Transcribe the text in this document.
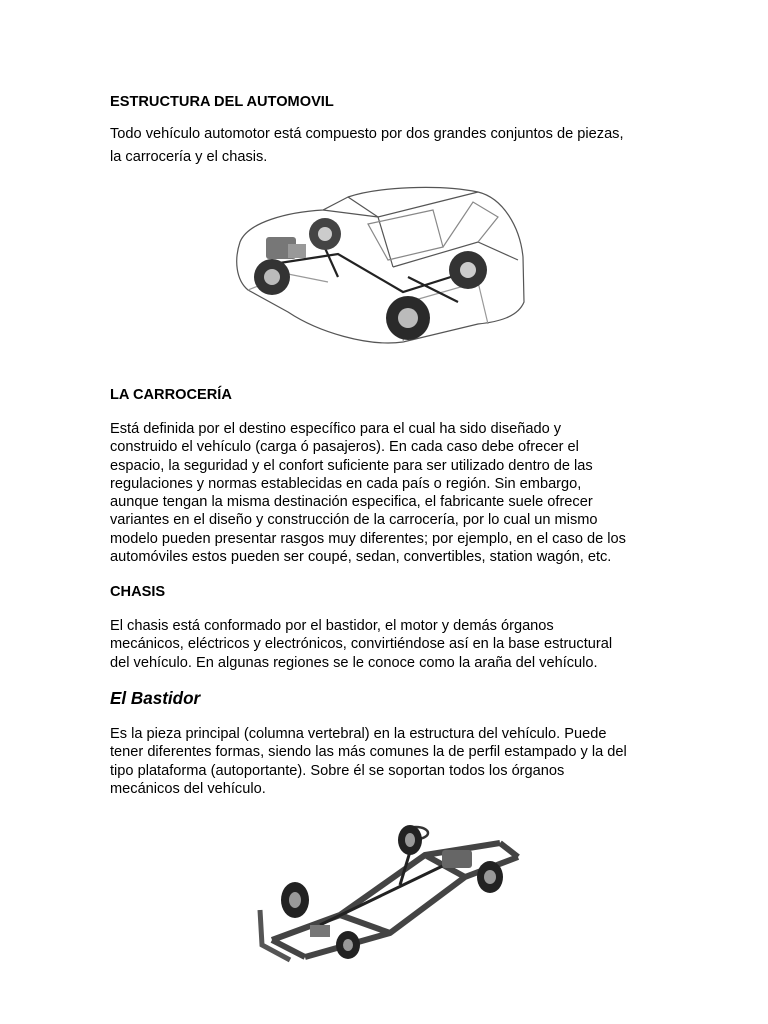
ESTRUCTURA DEL AUTOMOVIL

Todo vehículo automotor está compuesto por dos grandes conjuntos de piezas,
la carrocería y el chasis.

LA CARROCERÍA

Está definida por el destino específico para el cual ha sido diseñado y
construido el vehículo (carga ó pasajeros). En cada caso debe ofrecer el
espacio, la seguridad y el confort suficiente para ser utilizado dentro de las
regulaciones y normas establecidas en cada país o región. Sin embargo,
aunque tengan la misma destinación especifica, el fabricante suele ofrecer
variantes en el diseño y construcción de la carrocería, por lo cual un mismo
modelo pueden presentar rasgos muy diferentes; por ejemplo, en el caso de los
automóviles estos pueden ser coupé, sedan, convertibles, station wagón, etc.

CHASIS

El chasis está conformado por el bastidor, el motor y demás órganos
mecánicos, eléctricos y electrónicos, convirtiéndose así en la base estructural
del vehículo. En algunas regiones se le conoce como la araña del vehículo.

El Bastidor

Es la pieza principal (columna vertebral) en la estructura del vehículo. Puede
tener diferentes formas, siendo las más comunes la de perfil estampado y la del
tipo plataforma (autoportante). Sobre él se soportan todos los órganos
mecánicos del vehículo.
